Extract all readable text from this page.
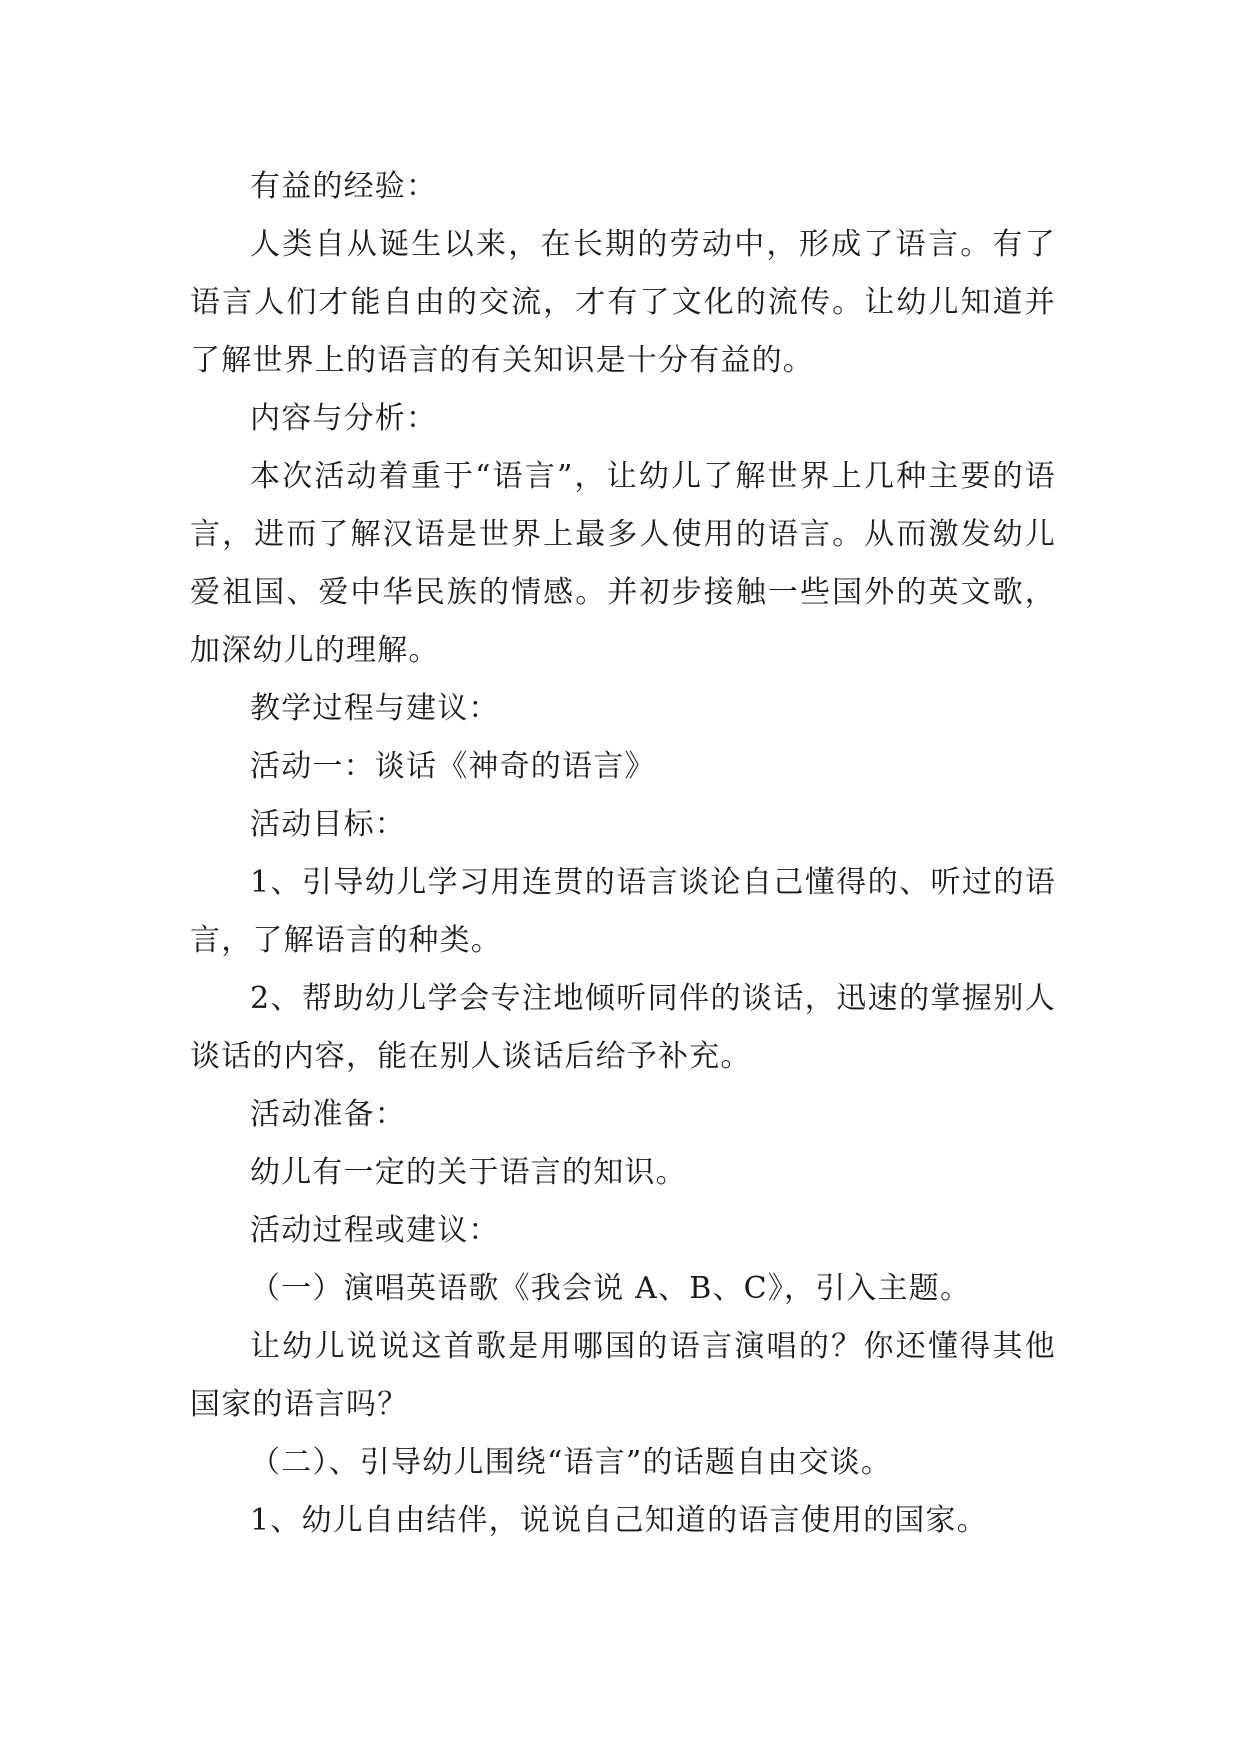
有益的经验：

人类自从诞生以来，在长期的劳动中，形成了语言。有了语言人们才能自由的交流，才有了文化的流传。让幼儿知道并了解世界上的语言的有关知识是十分有益的。

内容与分析：

本次活动着重于“语言”，让幼儿了解世界上几种主要的语言，进而了解汉语是世界上最多人使用的语言。从而激发幼儿爱祖国、爱中华民族的情感。并初步接触一些国外的英文歌，加深幼儿的理解。

教学过程与建议：

活动一：谈话《神奇的语言》

活动目标：

1、引导幼儿学习用连贯的语言谈论自己懂得的、听过的语言，了解语言的种类。

2、帮助幼儿学会专注地倾听同伴的谈话，迅速的掌握别人谈话的内容，能在别人谈话后给予补充。

活动准备：

幼儿有一定的关于语言的知识。

活动过程或建议：

（一）演唱英语歌《我会说 A、B、C》，引入主题。

让幼儿说说这首歌是用哪国的语言演唱的？你还懂得其他国家的语言吗？

（二）、引导幼儿围绕“语言”的话题自由交谈。

1、幼儿自由结伴，说说自己知道的语言使用的国家。
